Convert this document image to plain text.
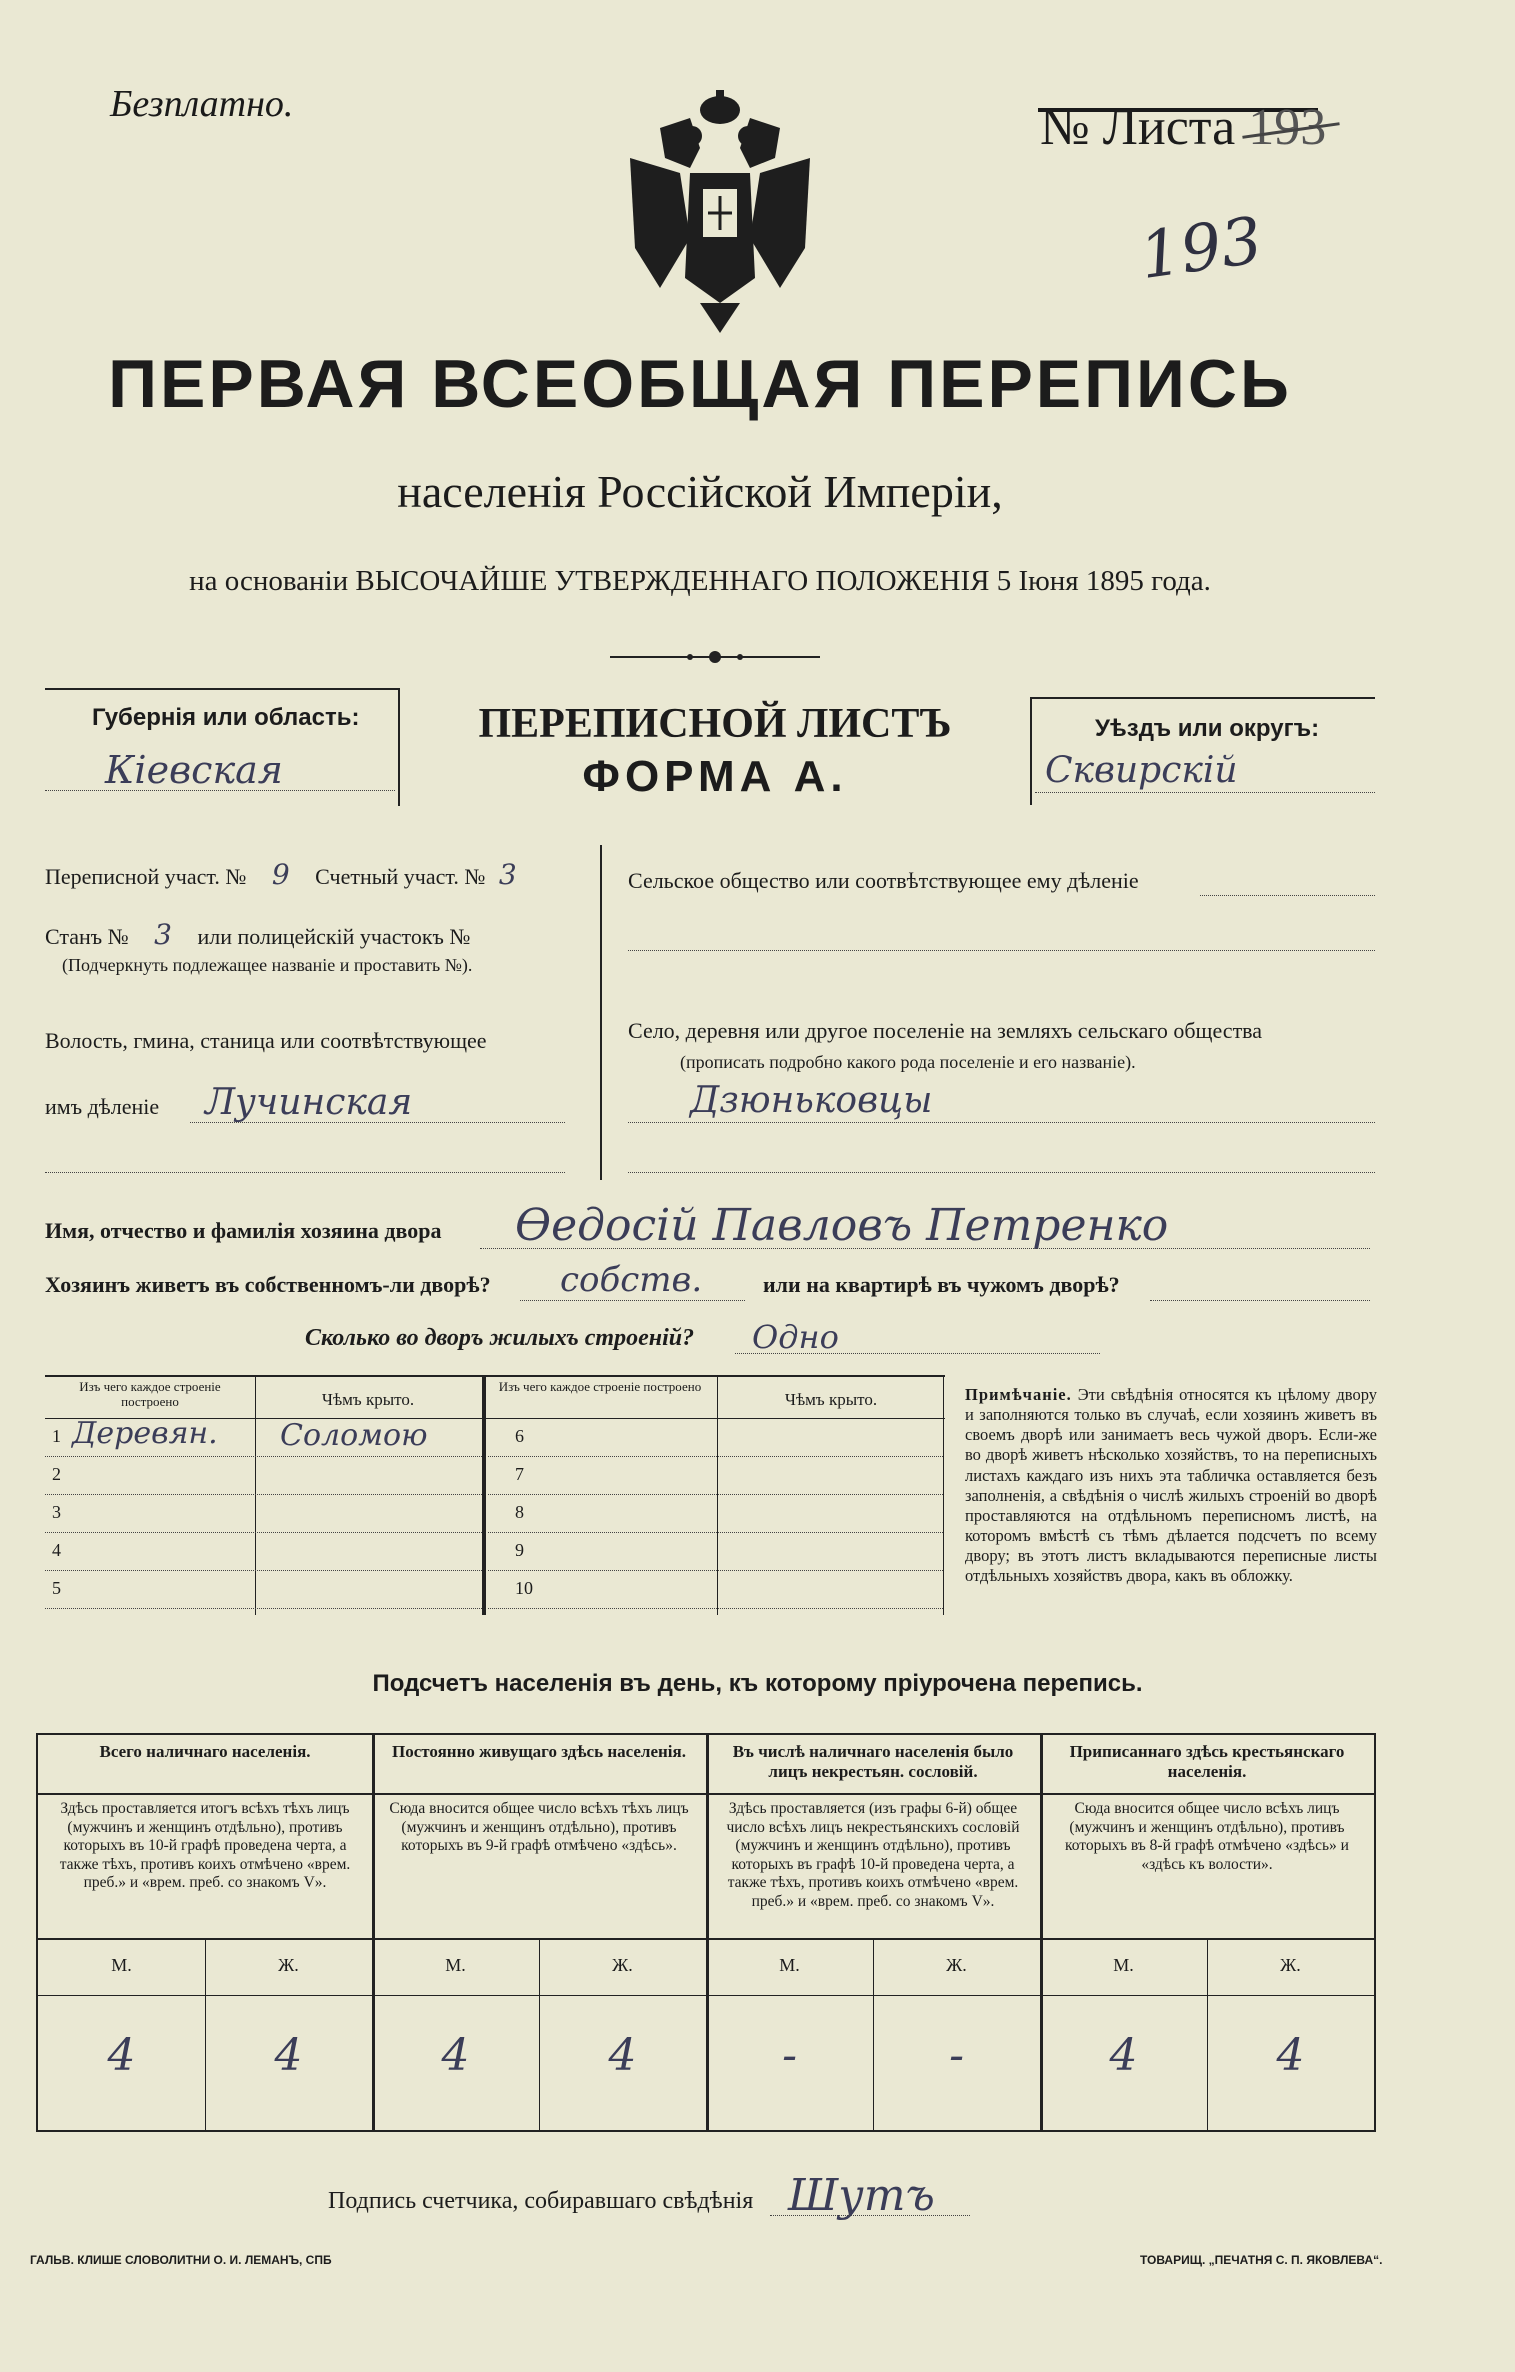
Безплатно.	№ Листа 193
193
ПЕРВАЯ ВСЕОБЩАЯ ПЕРЕПИСЬ
населенія Россійской Имперіи,
на основаніи ВЫСОЧАЙШЕ УТВЕРЖДЕННАГО ПОЛОЖЕНІЯ 5 Іюня 1895 года.
Губернія или область:
Кіевская
ПЕРЕПИСНОЙ ЛИСТЪ
ФОРМА А.
Уѣздъ или округъ:
Сквирскій
Переписной участ. № 9 Счетный участ. № 3
Станъ № 3 или полицейскій участокъ №
(Подчеркнуть подлежащее названіе и проставить №).
Волость, гмина, станица или соотвѣтствующее
имъ дѣленіе Лучинская
Сельское общество или соотвѣтствующее ему дѣленіе
Село, деревня или другое поселеніе на земляхъ сельскаго общества
(прописать подробно какого рода поселеніе и его названіе).
Дзюньковцы
Имя, отчество и фамилія хозяина двора Өедосій Павловъ Петренко
Хозяинъ живетъ въ собственномъ-ли дворѣ? собств.	или на квартирѣ въ чужомъ дворѣ?
Сколько во дворъ жилыхъ строеній? Одно
Изъ чего каждое строеніе построено	Чѣмъ крыто.
Изъ чего каждое строеніе построено
Чѣмъ крыто.
1 Деревян. Соломою
2
3
4
5
6
7
8
9
10
Примѣчаніе. Эти свѣдѣнія относятся къ цѣлому двору и заполняются только въ случаѣ, если хозяинъ живетъ въ своемъ дворѣ или занимаетъ весь чужой дворъ. Если-же во дворѣ живетъ нѣсколько хозяйствъ, то на переписныхъ листахъ каждаго изъ нихъ эта табличка оставляется безъ заполненія, а свѣдѣнія о числѣ жилыхъ строеній во дворѣ проставляются на отдѣльномъ переписномъ листѣ, на которомъ вмѣстѣ съ тѣмъ дѣлается подсчетъ по всему двору; въ этотъ листъ вкладываются переписные листы отдѣльныхъ хозяйствъ двора, какъ въ обложку.
Подсчетъ населенія въ день, къ которому пріурочена перепись.
Всего наличнаго населенія.
Здѣсь проставляется итогъ всѣхъ тѣхъ лицъ (мужчинъ и женщинъ отдѣльно), противъ которыхъ въ 10-й графѣ проведена черта, а также тѣхъ, противъ коихъ отмѣчено «врем. преб.» и «врем. преб. со знакомъ V».
М.	Ж.
4	4
Постоянно живущаго здѣсь населенія.
Сюда вносится общее число всѣхъ тѣхъ лицъ (мужчинъ и женщинъ отдѣльно), противъ которыхъ въ 9-й графѣ отмѣчено «здѣсь».
М.	Ж.
4	4
Въ числѣ наличнаго населенія было лицъ некрестьян. сословій.
Здѣсь проставляется (изъ графы 6-й) общее число всѣхъ лицъ некрестьянскихъ сословій (мужчинъ и женщинъ отдѣльно), противъ которыхъ въ графѣ 10-й проведена черта, а также тѣхъ, противъ коихъ отмѣчено «врем. преб.» и «врем. преб. со знакомъ V».
М.	Ж.
-	-
Приписаннаго здѣсь крестьянскаго населенія.
Сюда вносится общее число всѣхъ лицъ (мужчинъ и женщинъ отдѣльно), противъ которыхъ въ 8-й графѣ отмѣчено «здѣсь» и «здѣсь къ волости».
М.	Ж.
4	4
Подпись счетчика, собиравшаго свѣдѣнія Шутъ
ГАЛЬВ. КЛИШЕ СЛОВОЛИТНИ О. И. ЛЕМАНЪ, СПБ	ТОВАРИЩ. „ПЕЧАТНЯ С. П. ЯКОВЛЕВА“.
